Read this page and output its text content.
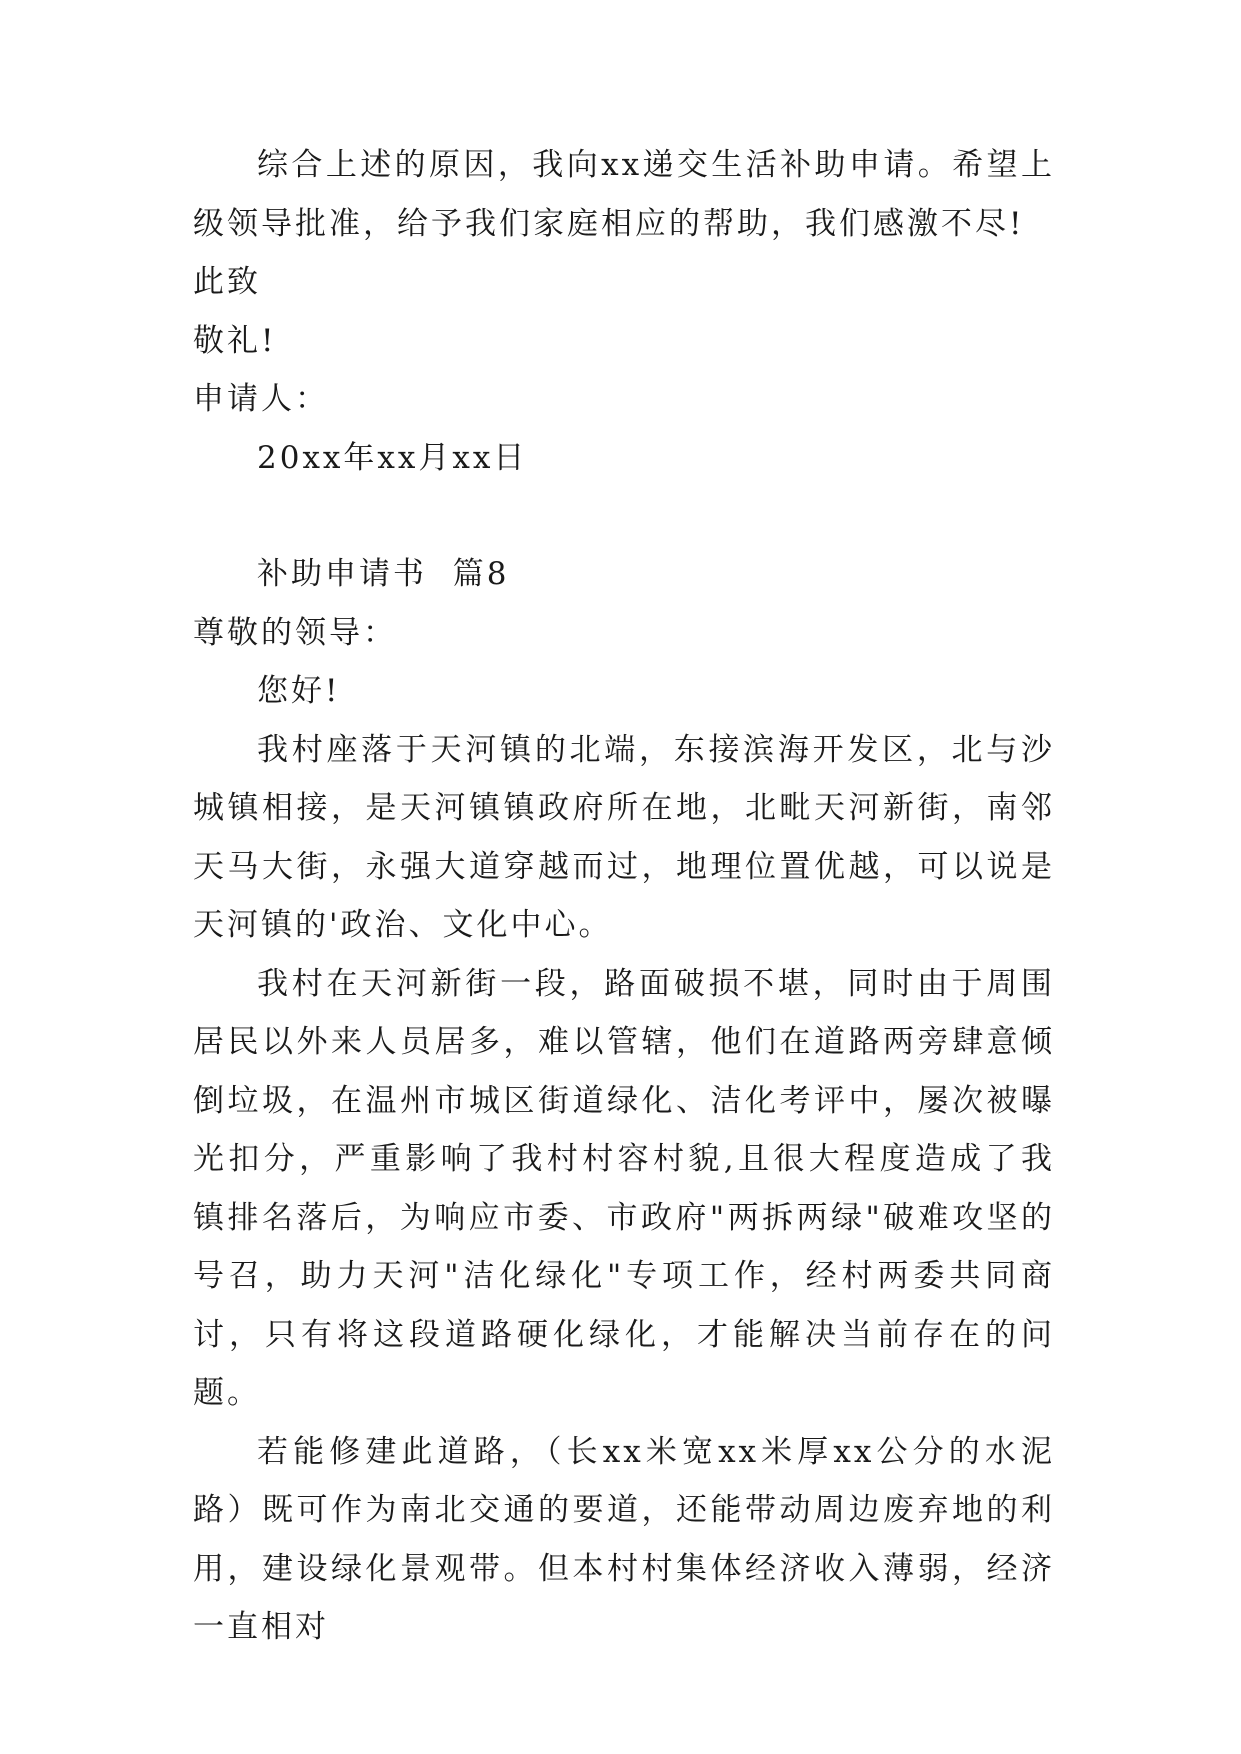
综合上述的原因，我向xx递交生活补助申请。希望上级领导批准，给予我们家庭相应的帮助，我们感激不尽!

此致

敬礼!

申请人：

20xx年xx月xx日

补助申请书  篇8

尊敬的领导：

您好!

我村座落于天河镇的北端，东接滨海开发区，北与沙城镇相接，是天河镇镇政府所在地，北毗天河新街，南邻天马大街，永强大道穿越而过，地理位置优越，可以说是天河镇的'政治、文化中心。

我村在天河新街一段，路面破损不堪，同时由于周围居民以外来人员居多，难以管辖，他们在道路两旁肆意倾倒垃圾，在温州市城区街道绿化、洁化考评中，屡次被曝光扣分，严重影响了我村村容村貌,且很大程度造成了我镇排名落后，为响应市委、市政府"两拆两绿"破难攻坚的号召，助力天河"洁化绿化"专项工作，经村两委共同商讨，只有将这段道路硬化绿化，才能解决当前存在的问题。

若能修建此道路，（长xx米宽xx米厚xx公分的水泥路）既可作为南北交通的要道，还能带动周边废弃地的利用，建设绿化景观带。但本村村集体经济收入薄弱，经济一直相对
